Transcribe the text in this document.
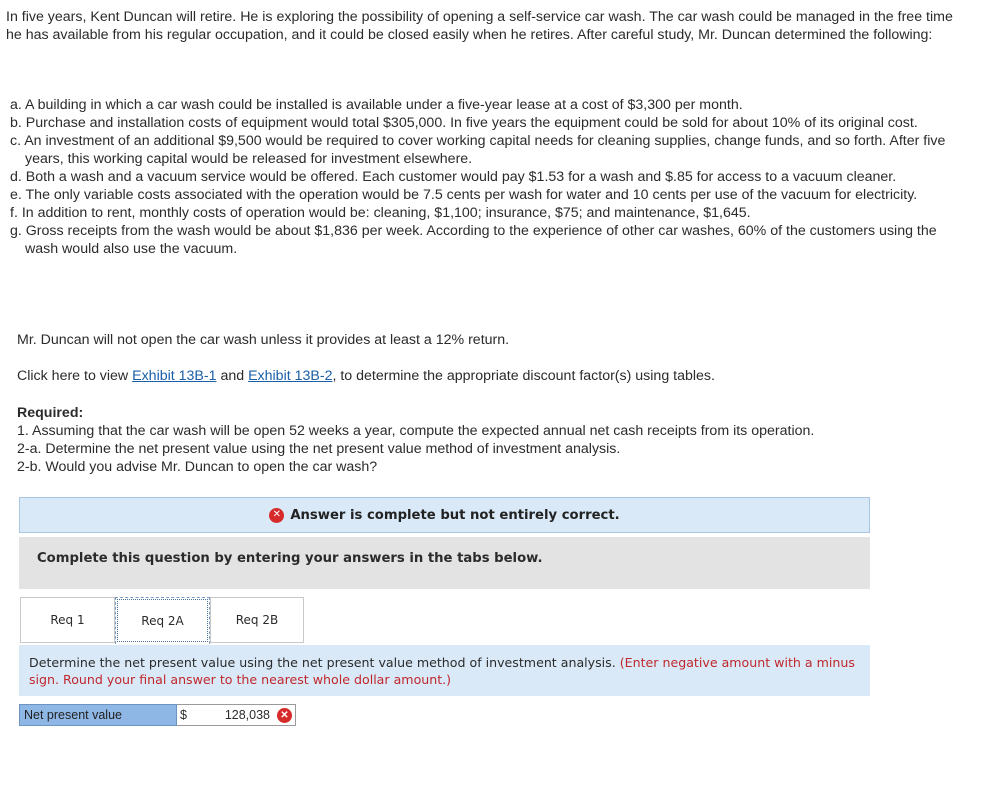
In five years, Kent Duncan will retire. He is exploring the possibility of opening a self-service car wash. The car wash could be managed in the free time he has available from his regular occupation, and it could be closed easily when he retires. After careful study, Mr. Duncan determined the following:
a. A building in which a car wash could be installed is available under a five-year lease at a cost of $3,300 per month.
b. Purchase and installation costs of equipment would total $305,000. In five years the equipment could be sold for about 10% of its original cost.
c. An investment of an additional $9,500 would be required to cover working capital needs for cleaning supplies, change funds, and so forth. After five years, this working capital would be released for investment elsewhere.
d. Both a wash and a vacuum service would be offered. Each customer would pay $1.53 for a wash and $.85 for access to a vacuum cleaner.
e. The only variable costs associated with the operation would be 7.5 cents per wash for water and 10 cents per use of the vacuum for electricity.
f. In addition to rent, monthly costs of operation would be: cleaning, $1,100; insurance, $75; and maintenance, $1,645.
g. Gross receipts from the wash would be about $1,836 per week. According to the experience of other car washes, 60% of the customers using the wash would also use the vacuum.
Mr. Duncan will not open the car wash unless it provides at least a 12% return.
Click here to view Exhibit 13B-1 and Exhibit 13B-2, to determine the appropriate discount factor(s) using tables.
Required:
1. Assuming that the car wash will be open 52 weeks a year, compute the expected annual net cash receipts from its operation.
2-a. Determine the net present value using the net present value method of investment analysis.
2-b. Would you advise Mr. Duncan to open the car wash?
✕ Answer is complete but not entirely correct.
Complete this question by entering your answers in the tabs below.
Req 1	Req 2A	Req 2B
Determine the net present value using the net present value method of investment analysis. (Enter negative amount with a minus sign. Round your final answer to the nearest whole dollar amount.)
Net present value	$	128,038	✕
